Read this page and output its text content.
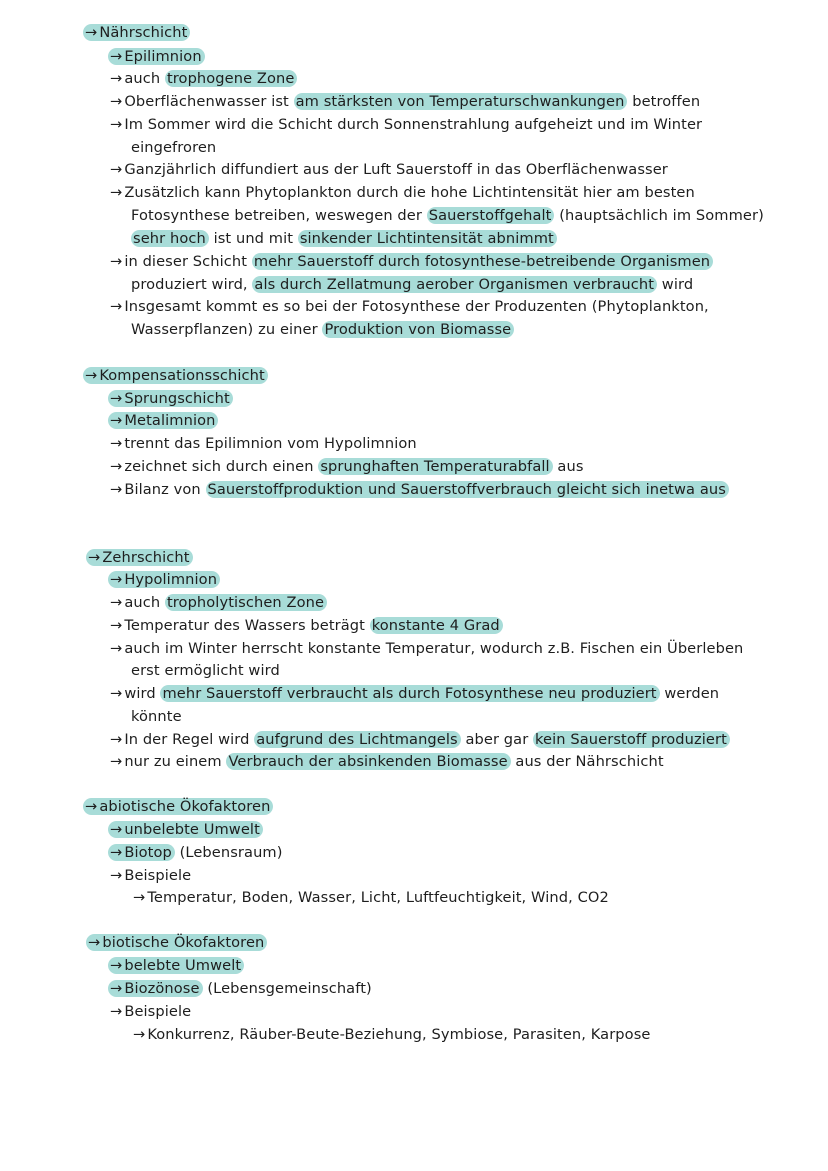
→ Nährschicht
→ Epilimnion
→ auch trophogene Zone
→ Oberflächenwasser ist am stärksten von Temperaturschwankungen betroffen
→ Im Sommer wird die Schicht durch Sonnenstrahlung aufgeheizt und im Winter
eingefroren
→ Ganzjährlich diffundiert aus der Luft Sauerstoff in das Oberflächenwasser
→ Zusätzlich kann Phytoplankton durch die hohe Lichtintensität hier am besten
Fotosynthese betreiben, weswegen der Sauerstoffgehalt (hauptsächlich im Sommer)
sehr hoch ist und mit sinkender Lichtintensität abnimmt
→ in dieser Schicht mehr Sauerstoff durch fotosynthese-betreibende Organismen
produziert wird, als durch Zellatmung aerober Organismen verbraucht wird
→ Insgesamt kommt es so bei der Fotosynthese der Produzenten (Phytoplankton,
Wasserpflanzen) zu einer Produktion von Biomasse
→ Kompensationsschicht
→ Sprungschicht
→ Metalimnion
→ trennt das Epilimnion vom Hypolimnion
→ zeichnet sich durch einen sprunghaften Temperaturabfall aus
→ Bilanz von Sauerstoffproduktion und Sauerstoffverbrauch gleicht sich inetwa aus
→ Zehrschicht
→ Hypolimnion
→ auch tropholytischen Zone
→ Temperatur des Wassers beträgt konstante 4 Grad
→ auch im Winter herrscht konstante Temperatur, wodurch z.B. Fischen ein Überleben
erst ermöglicht wird
→ wird mehr Sauerstoff verbraucht als durch Fotosynthese neu produziert werden
könnte
→ In der Regel wird aufgrund des Lichtmangels aber gar kein Sauerstoff produziert
→ nur zu einem Verbrauch der absinkenden Biomasse aus der Nährschicht
→ abiotische Ökofaktoren
→ unbelebte Umwelt
→ Biotop (Lebensraum)
→ Beispiele
→ Temperatur, Boden, Wasser, Licht, Luftfeuchtigkeit, Wind, CO2
→ biotische Ökofaktoren
→ belebte Umwelt
→ Biozönose (Lebensgemeinschaft)
→ Beispiele
→ Konkurrenz, Räuber-Beute-Beziehung, Symbiose, Parasiten, Karpose
